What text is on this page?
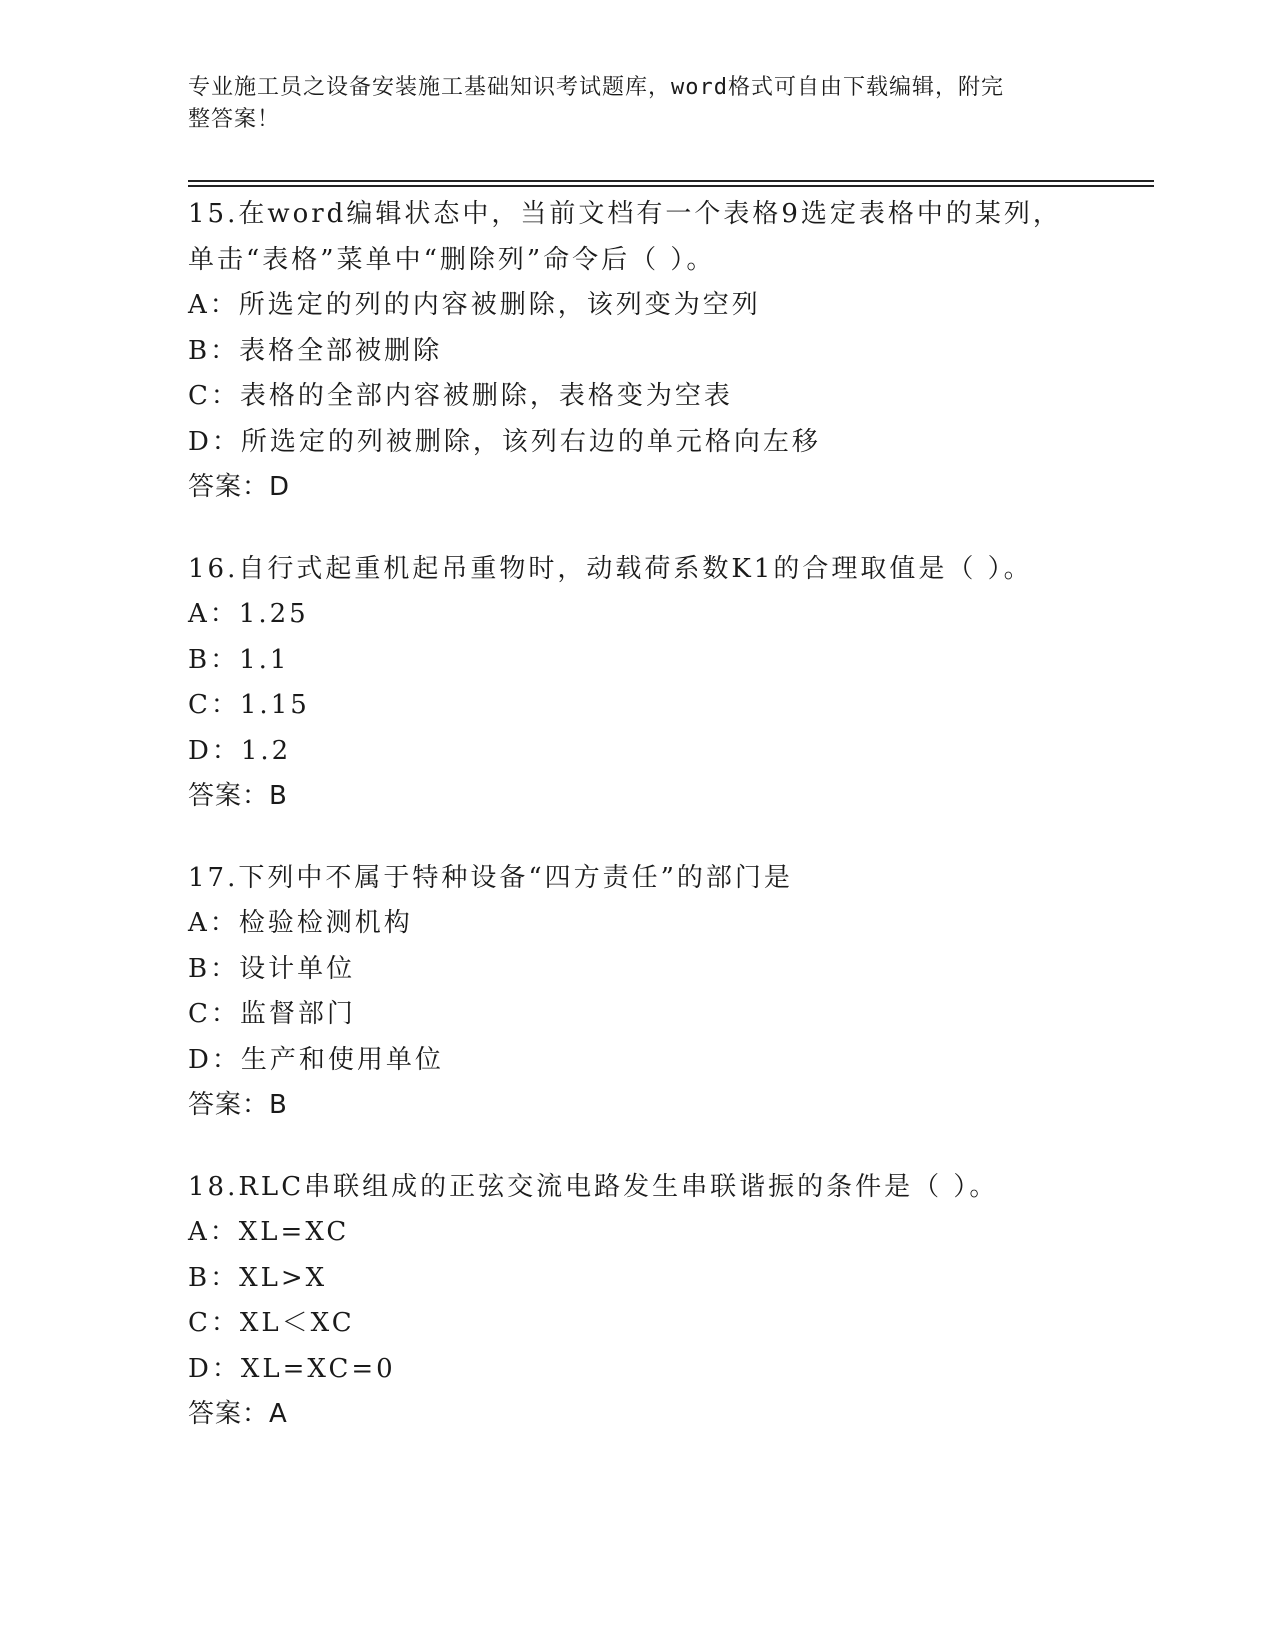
专业施工员之设备安装施工基础知识考试题库，word格式可自由下载编辑，附完
整答案！
15.在word编辑状态中，当前文档有一个表格9选定表格中的某列，
单击“表格”菜单中“删除列”命令后（ ）。
A：所选定的列的内容被删除，该列变为空列
B：表格全部被删除
C：表格的全部内容被删除，表格变为空表
D：所选定的列被删除，该列右边的单元格向左移
答案：D
16.自行式起重机起吊重物时，动载荷系数K1的合理取值是（ ）。
A：1.25
B：1.1
C：1.15
D：1.2
答案：B
17.下列中不属于特种设备“四方责任”的部门是
A：检验检测机构
B：设计单位
C：监督部门
D：生产和使用单位
答案：B
18.RLC串联组成的正弦交流电路发生串联谐振的条件是（ ）。
A：XL=XC
B：XL>X
C：XL＜XC
D：XL=XC=0
答案：A
